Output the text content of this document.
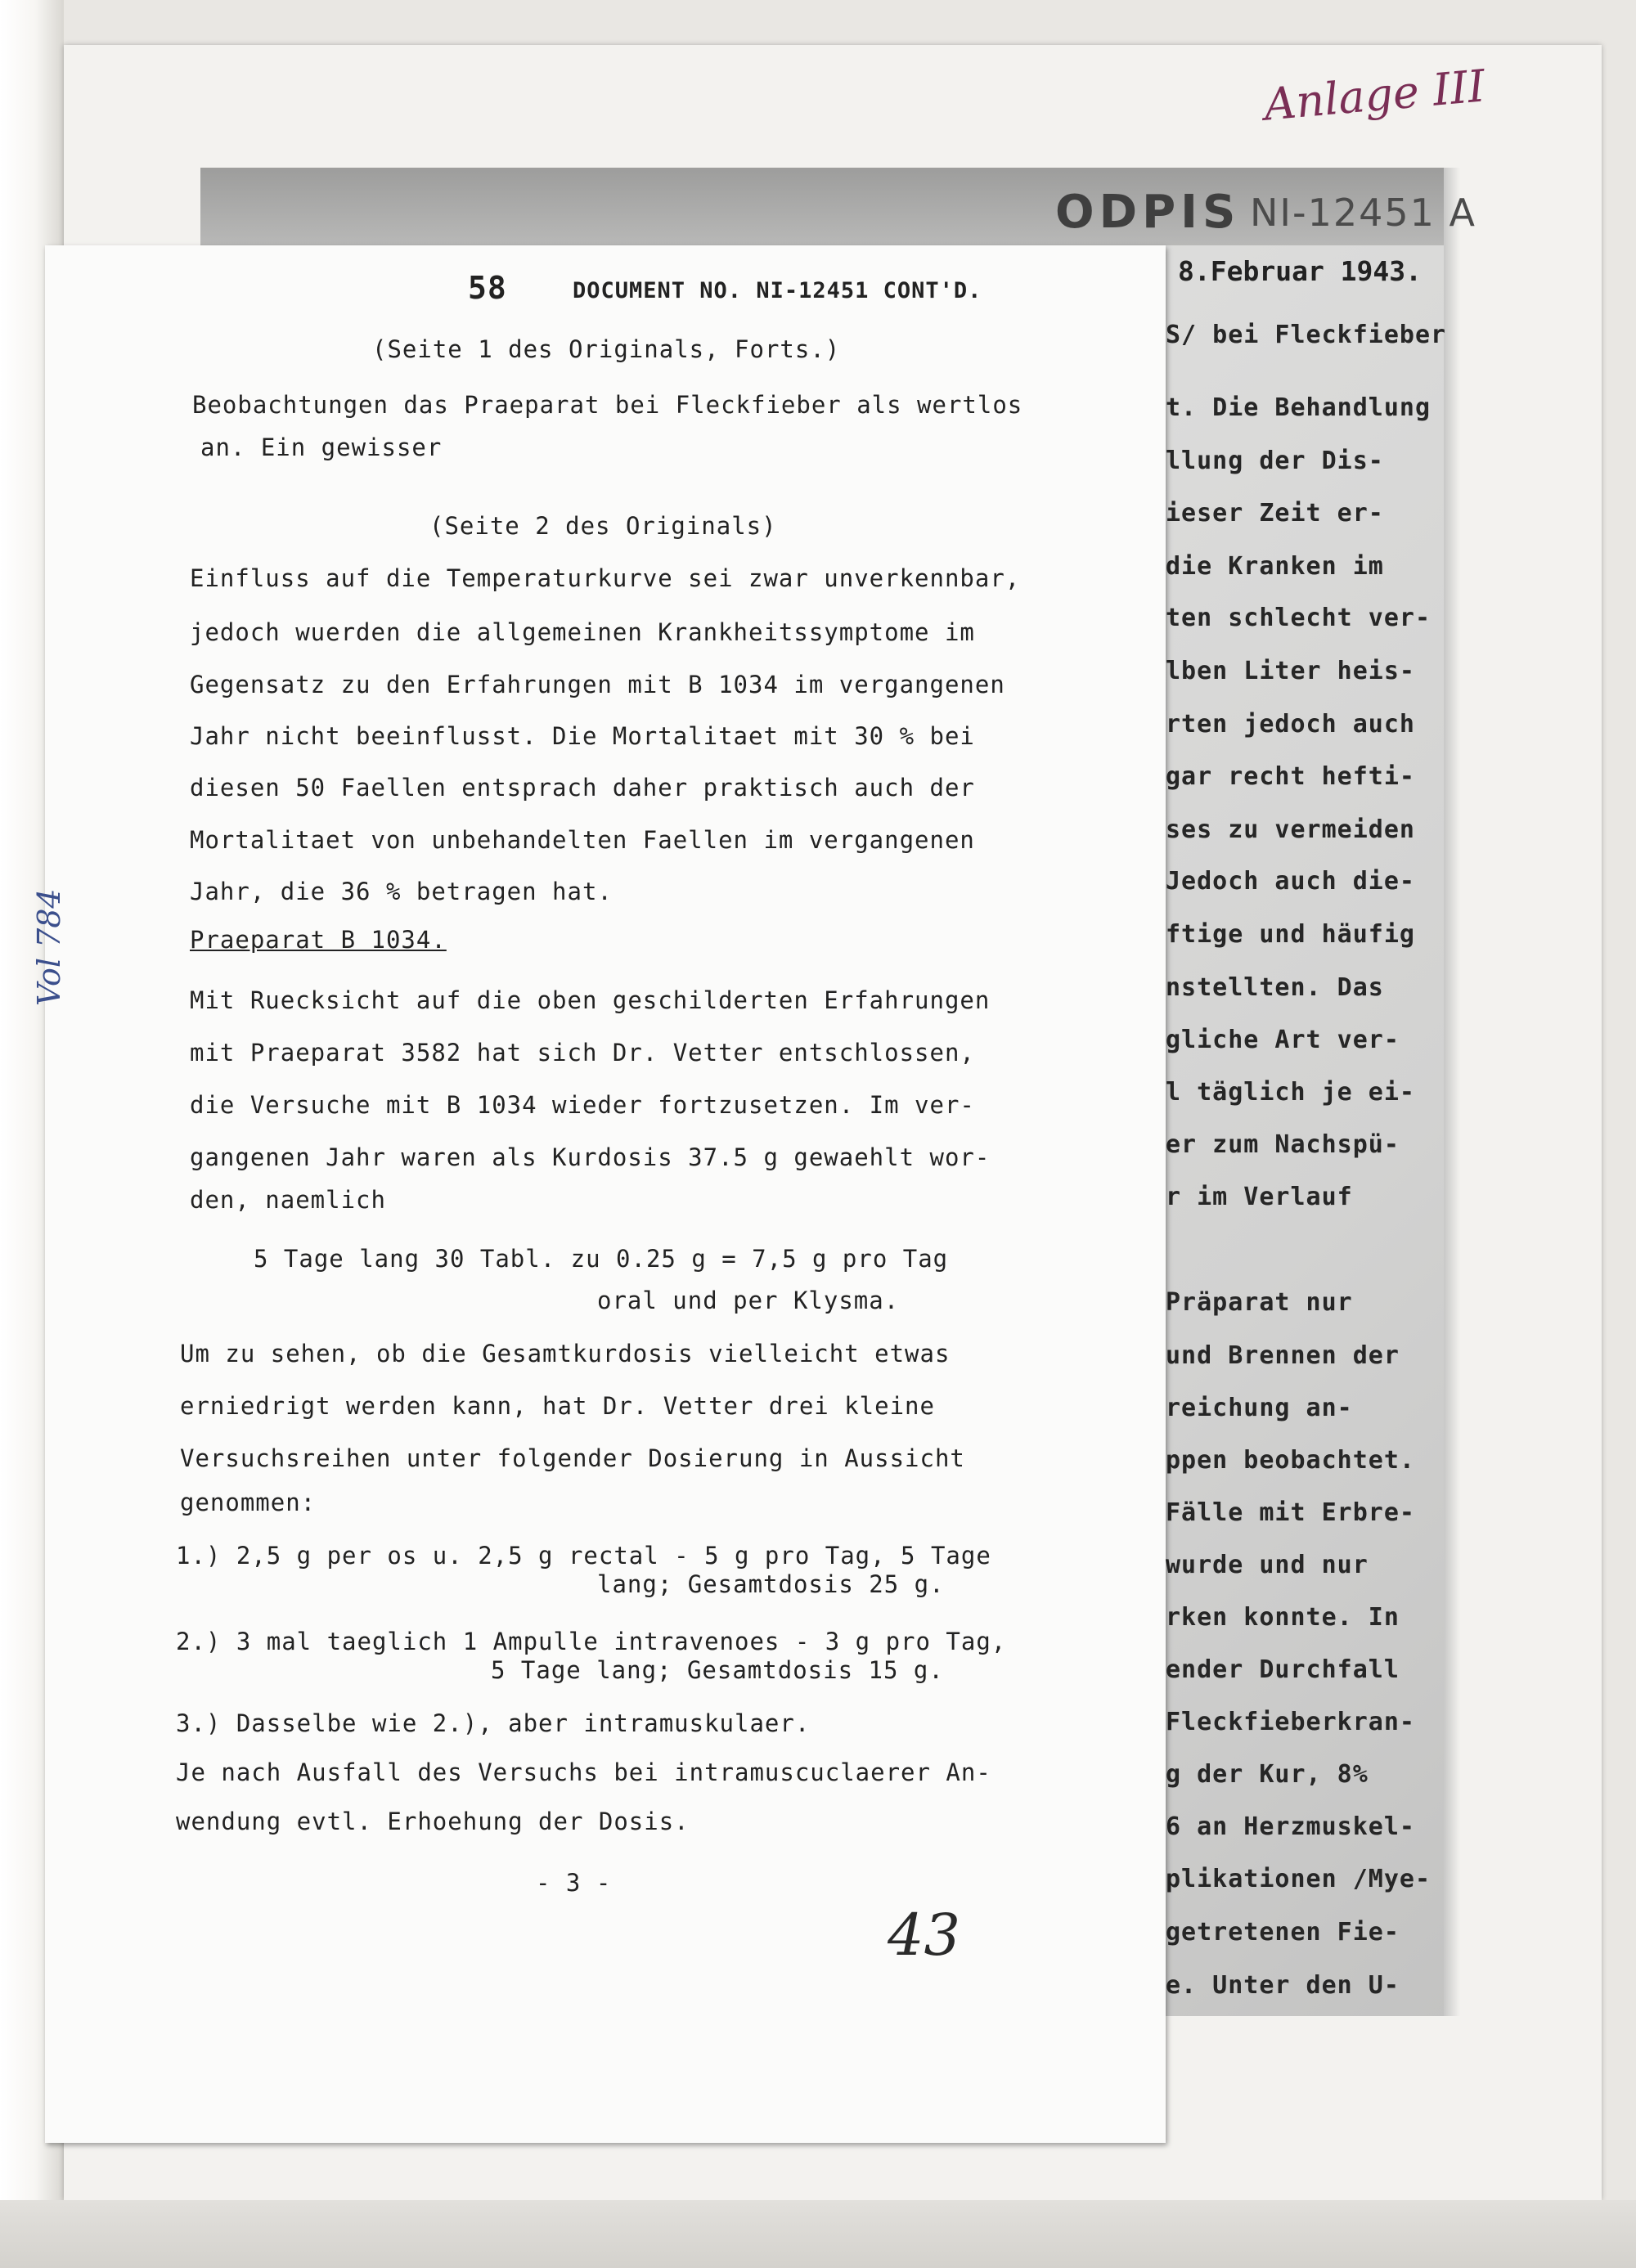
Anlage III
ODPIS NI-12451 A
8.Februar 1943.
S/ bei Fleckfieber
t. Die Behandlung
llung der Dis-
ieser Zeit er-
die Kranken im
ten schlecht ver-
lben Liter heis-
rten jedoch auch
gar recht hefti-
ses zu vermeiden
Jedoch auch die-
ftige und häufig
nstellten. Das
gliche Art ver-
l täglich je ei-
er zum Nachspü-
r im Verlauf
Präparat nur
und Brennen der
reichung an-
ppen beobachtet.
Fälle mit Erbre-
wurde und nur
rken konnte. In
ender Durchfall
Fleckfieberkran-
g der Kur, 8%
6 an Herzmuskel-
plikationen /Mye-
getretenen Fie-
e. Unter den U-
58	DOCUMENT NO. NI-12451 CONT'D.
(Seite 1 des Originals, Forts.)
Beobachtungen das Praeparat bei Fleckfieber als wertlos
an. Ein gewisser
(Seite 2 des Originals)
Einfluss auf die Temperaturkurve sei zwar unverkennbar,
jedoch wuerden die allgemeinen Krankheitssymptome im
Gegensatz zu den Erfahrungen mit B 1034 im vergangenen
Jahr nicht beeinflusst. Die Mortalitaet mit 30 % bei
diesen 50 Faellen entsprach daher praktisch auch der
Mortalitaet von unbehandelten Faellen im vergangenen
Jahr, die 36 % betragen hat.
Praeparat B 1034.
Mit Ruecksicht auf die oben geschilderten Erfahrungen
mit Praeparat 3582 hat sich Dr. Vetter entschlossen,
die Versuche mit B 1034 wieder fortzusetzen. Im ver-
gangenen Jahr waren als Kurdosis 37.5 g gewaehlt wor-
den, naemlich
5 Tage lang 30 Tabl. zu 0.25 g = 7,5 g pro Tag
oral und per Klysma.
Um zu sehen, ob die Gesamtkurdosis vielleicht etwas
erniedrigt werden kann, hat Dr. Vetter drei kleine
Versuchsreihen unter folgender Dosierung in Aussicht
genommen:
1.) 2,5 g per os u. 2,5 g rectal - 5 g pro Tag, 5 Tage
lang; Gesamtdosis 25 g.
2.) 3 mal taeglich 1 Ampulle intravenoes - 3 g pro Tag,
5 Tage lang; Gesamtdosis 15 g.
3.) Dasselbe wie 2.), aber intramuskulaer.
Je nach Ausfall des Versuchs bei intramuscuclaerer An-
wendung evtl. Erhoehung der Dosis.
- 3 -
Vol 784
43
